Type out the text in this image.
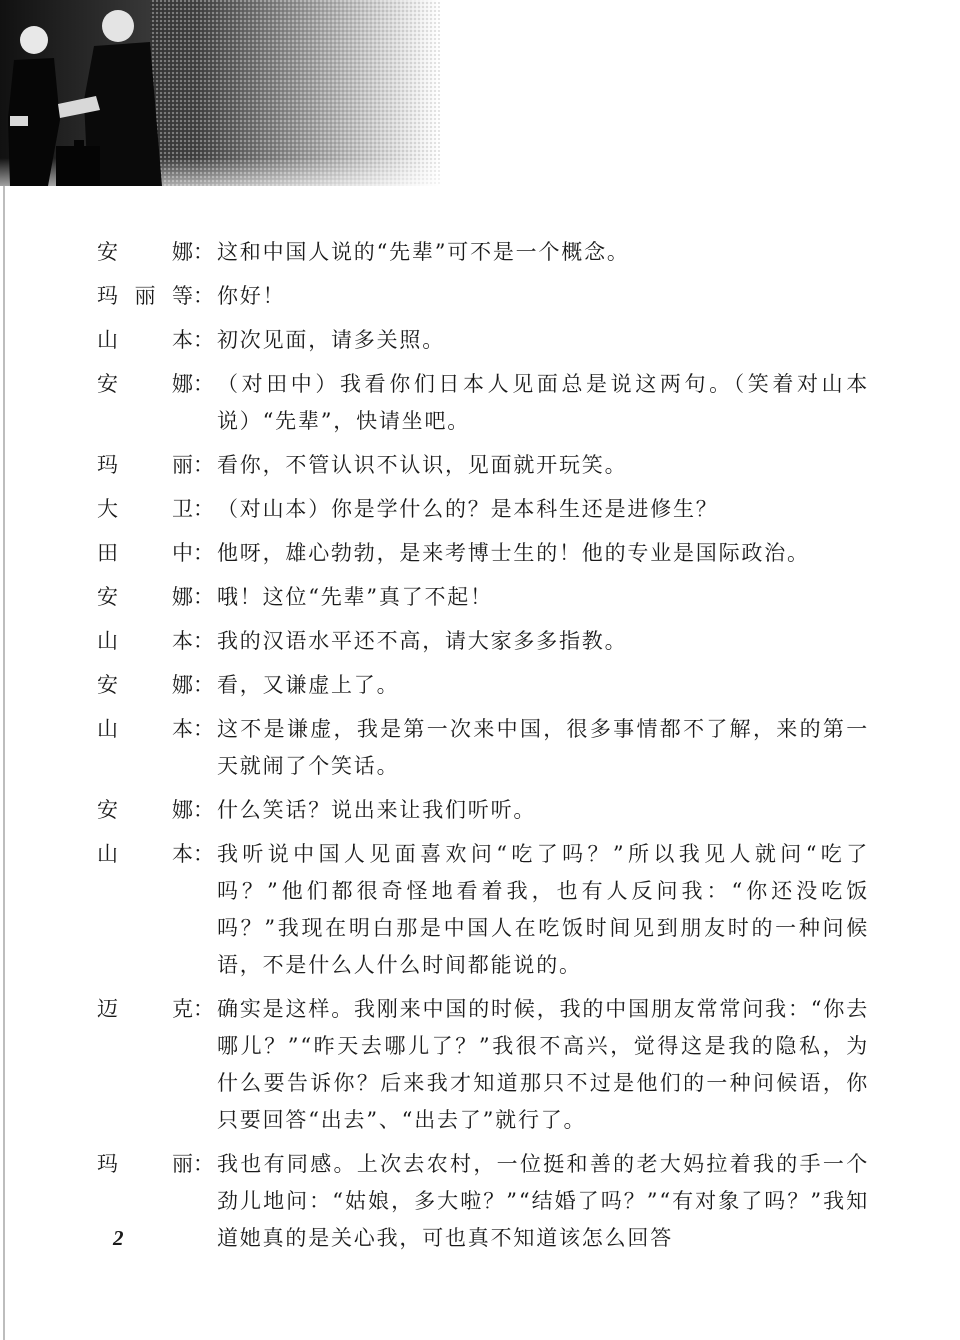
安　娜 ： 这和中国人说的“先辈”可不是一个概念。
玛丽等 ： 你好！
山　本 ： 初次见面，请多关照。
安　娜 ： （对田中）我看你们日本人见面总是说这两句。（笑着对山本说）“先辈”，快请坐吧。
玛　丽 ： 看你，不管认识不认识，见面就开玩笑。
大　卫 ： （对山本）你是学什么的？是本科生还是进修生？
田　中 ： 他呀，雄心勃勃，是来考博士生的！他的专业是国际政治。
安　娜 ： 哦！这位“先辈”真了不起！
山　本 ： 我的汉语水平还不高，请大家多多指教。
安　娜 ： 看，又谦虚上了。
山　本 ： 这不是谦虚，我是第一次来中国，很多事情都不了解，来的第一天就闹了个笑话。
安　娜 ： 什么笑话？说出来让我们听听。
山　本 ： 我听说中国人见面喜欢问“吃了吗？”所以我见人就问“吃了吗？”他们都很奇怪地看着我，也有人反问我：“你还没吃饭吗？”我现在明白那是中国人在吃饭时间见到朋友时的一种问候语，不是什么人什么时间都能说的。
迈　克 ： 确实是这样。我刚来中国的时候，我的中国朋友常常问我：“你去哪儿？”“昨天去哪儿了？”我很不高兴，觉得这是我的隐私，为什么要告诉你？后来我才知道那只不过是他们的一种问候语，你只要回答“出去”、“出去了”就行了。
玛　丽 ： 我也有同感。上次去农村，一位挺和善的老大妈拉着我的手一个劲儿地问：“姑娘，多大啦？”“结婚了吗？”“有对象了吗？”我知道她真的是关心我，可也真不知道该怎么回答
2
